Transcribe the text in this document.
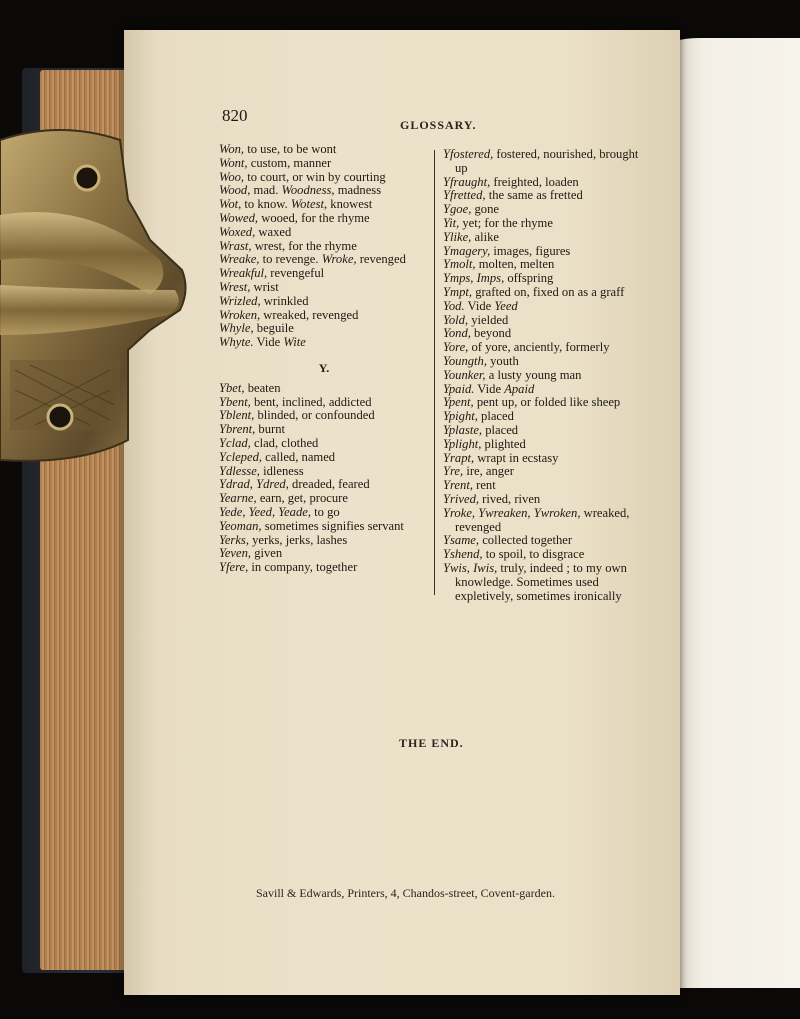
820	GLOSSARY.

Won, to use, to be wont

Wont, custom, manner

Woo, to court, or win by courting

Wood, mad. Woodness, madness

Wot, to know. Wotest, knowest

Wowed, wooed, for the rhyme

Woxed, waxed

Wrast, wrest, for the rhyme

Wreake, to revenge. Wroke, revenged

Wreakful, revengeful

Wrest, wrist

Wrizled, wrinkled

Wroken, wreaked, revenged

Whyle, beguile

Whyte. Vide Wite

Y.

Ybet, beaten

Ybent, bent, inclined, addicted

Yblent, blinded, or confounded

Ybrent, burnt

Yclad, clad, clothed

Ycleped, called, named

Ydlesse, idleness

Ydrad, Ydred, dreaded, feared

Yearne, earn, get, procure

Yede, Yeed, Yeade, to go

Yeoman, sometimes signifies servant

Yerks, yerks, jerks, lashes

Yeven, given

Yfere, in company, together

Yfostered, fostered, nourished, brought up

Yfraught, freighted, loaden

Yfretted, the same as fretted

Ygoe, gone

Yit, yet; for the rhyme

Ylike, alike

Ymagery, images, figures

Ymolt, molten, melten

Ymps, Imps, offspring

Ympt, grafted on, fixed on as a graff

Yod. Vide Yeed

Yold, yielded

Yond, beyond

Yore, of yore, anciently, formerly

Youngth, youth

Younker, a lusty young man

Ypaid. Vide Apaid

Ypent, pent up, or folded like sheep

Ypight, placed

Yplaste, placed

Yplight, plighted

Yrapt, wrapt in ecstasy

Yre, ire, anger

Yrent, rent

Yrived, rived, riven

Yroke, Ywreaken, Ywroken, wreaked, revenged

Ysame, collected together

Yshend, to spoil, to disgrace

Ywis, Iwis, truly, indeed ; to my own knowledge. Sometimes used expletively, sometimes ironically

THE END.
Savill & Edwards, Printers, 4, Chandos-street, Covent-garden.
